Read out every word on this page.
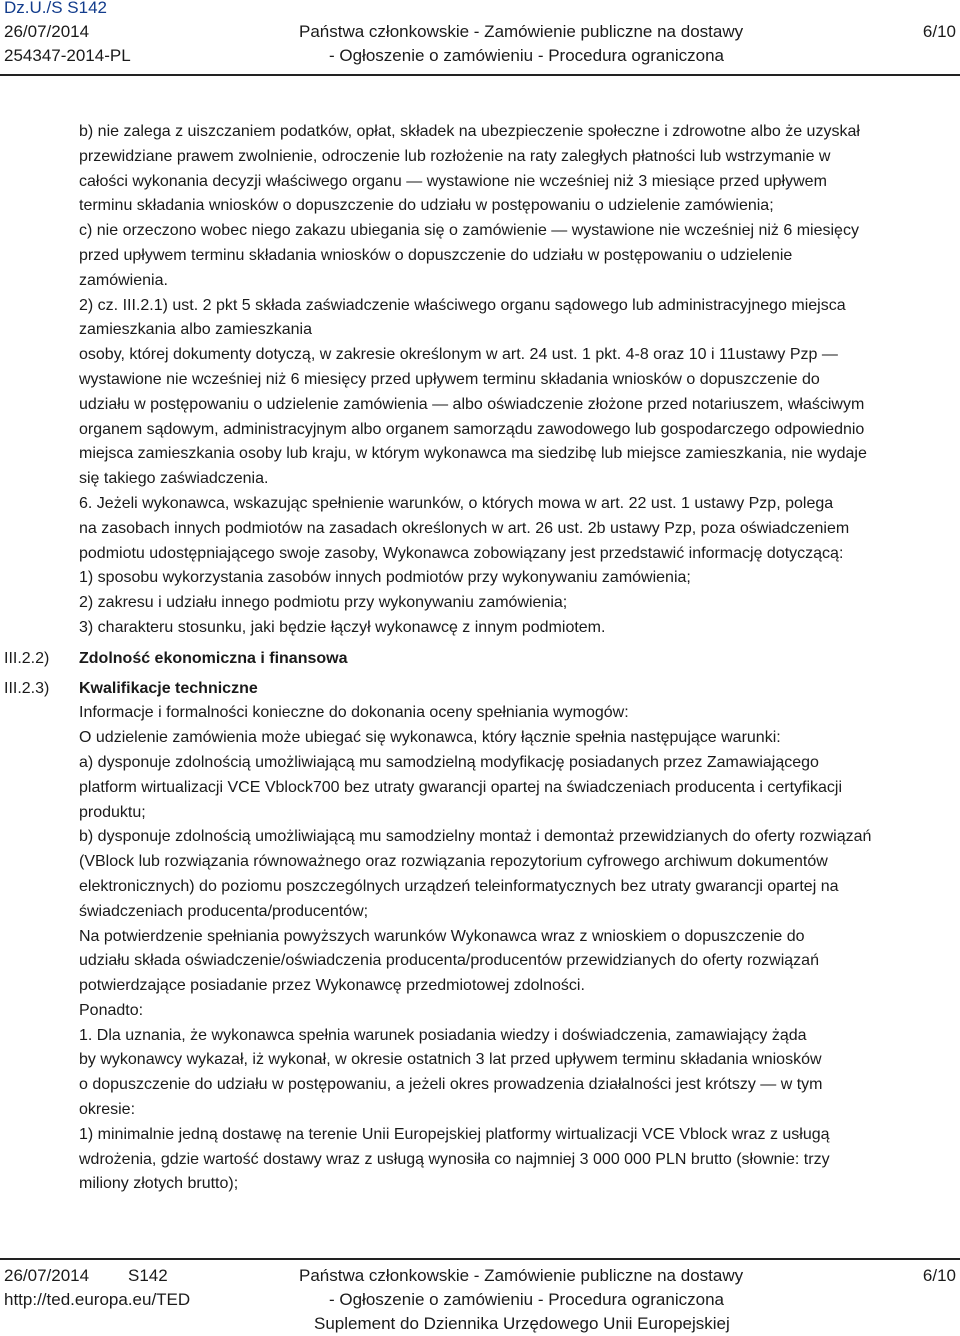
Dz.U./S S142
26/07/2014
254347-2014-PL
Państwa członkowskie - Zamówienie publiczne na dostawy
- Ogłoszenie o zamówieniu - Procedura ograniczona
6/10
III.2.2)
III.2.3)
b) nie zalega z uiszczaniem podatków, opłat, składek na ubezpieczenie społeczne i zdrowotne albo że uzyskał
przewidziane prawem zwolnienie, odroczenie lub rozłożenie na raty zaległych płatności lub wstrzymanie w
całości wykonania decyzji właściwego organu — wystawione nie wcześniej niż 3 miesiące przed upływem
terminu składania wniosków o dopuszczenie do udziału w postępowaniu o udzielenie zamówienia;
c) nie orzeczono wobec niego zakazu ubiegania się o zamówienie — wystawione nie wcześniej niż 6 miesięcy
przed upływem terminu składania wniosków o dopuszczenie do udziału w postępowaniu o udzielenie
zamówienia.
2) cz. III.2.1) ust. 2 pkt 5 składa zaświadczenie właściwego organu sądowego lub administracyjnego miejsca
zamieszkania albo zamieszkania
osoby, której dokumenty dotyczą, w zakresie określonym w art. 24 ust. 1 pkt. 4-8 oraz 10 i 11ustawy Pzp —
wystawione nie wcześniej niż 6 miesięcy przed upływem terminu składania wniosków o dopuszczenie do
udziału w postępowaniu o udzielenie zamówienia — albo oświadczenie złożone przed notariuszem, właściwym
organem sądowym, administracyjnym albo organem samorządu zawodowego lub gospodarczego odpowiednio
miejsca zamieszkania osoby lub kraju, w którym wykonawca ma siedzibę lub miejsce zamieszkania, nie wydaje
się takiego zaświadczenia.
6. Jeżeli wykonawca, wskazując spełnienie warunków, o których mowa w art. 22 ust. 1 ustawy Pzp, polega
na zasobach innych podmiotów na zasadach określonych w art. 26 ust. 2b ustawy Pzp, poza oświadczeniem
podmiotu udostępniającego swoje zasoby, Wykonawca zobowiązany jest przedstawić informację dotyczącą:
1) sposobu wykorzystania zasobów innych podmiotów przy wykonywaniu zamówienia;
2) zakresu i udziału innego podmiotu przy wykonywaniu zamówienia;
3) charakteru stosunku, jaki będzie łączył wykonawcę z innym podmiotem.
Zdolność ekonomiczna i finansowa
Kwalifikacje techniczne
Informacje i formalności konieczne do dokonania oceny spełniania wymogów:
O udzielenie zamówienia może ubiegać się wykonawca, który łącznie spełnia następujące warunki:
a) dysponuje zdolnością umożliwiającą mu samodzielną modyfikację posiadanych przez Zamawiającego
platform wirtualizacji VCE Vblock700 bez utraty gwarancji opartej na świadczeniach producenta i certyfikacji
produktu;
b) dysponuje zdolnością umożliwiającą mu samodzielny montaż i demontaż przewidzianych do oferty rozwiązań
(VBlock lub rozwiązania równoważnego oraz rozwiązania repozytorium cyfrowego archiwum dokumentów
elektronicznych) do poziomu poszczególnych urządzeń teleinformatycznych bez utraty gwarancji opartej na
świadczeniach producenta/producentów;
Na potwierdzenie spełniania powyższych warunków Wykonawca wraz z wnioskiem o dopuszczenie do
udziału składa oświadczenie/oświadczenia producenta/producentów przewidzianych do oferty rozwiązań
potwierdzające posiadanie przez Wykonawcę przedmiotowej zdolności.
Ponadto:
1. Dla uznania, że wykonawca spełnia warunek posiadania wiedzy i doświadczenia, zamawiający żąda
by wykonawcy wykazał, iż wykonał, w okresie ostatnich 3 lat przed upływem terminu składania wniosków
o dopuszczenie do udziału w postępowaniu, a jeżeli okres prowadzenia działalności jest krótszy — w tym
okresie:
1) minimalnie jedną dostawę na terenie Unii Europejskiej platformy wirtualizacji VCE Vblock wraz z usługą
wdrożenia, gdzie wartość dostawy wraz z usługą wynosiła co najmniej 3 000 000 PLN brutto (słownie: trzy
miliony złotych brutto);
26/07/2014 S142
http://ted.europa.eu/TED
Państwa członkowskie - Zamówienie publiczne na dostawy
- Ogłoszenie o zamówieniu - Procedura ograniczona
Suplement do Dziennika Urzędowego Unii Europejskiej
6/10
